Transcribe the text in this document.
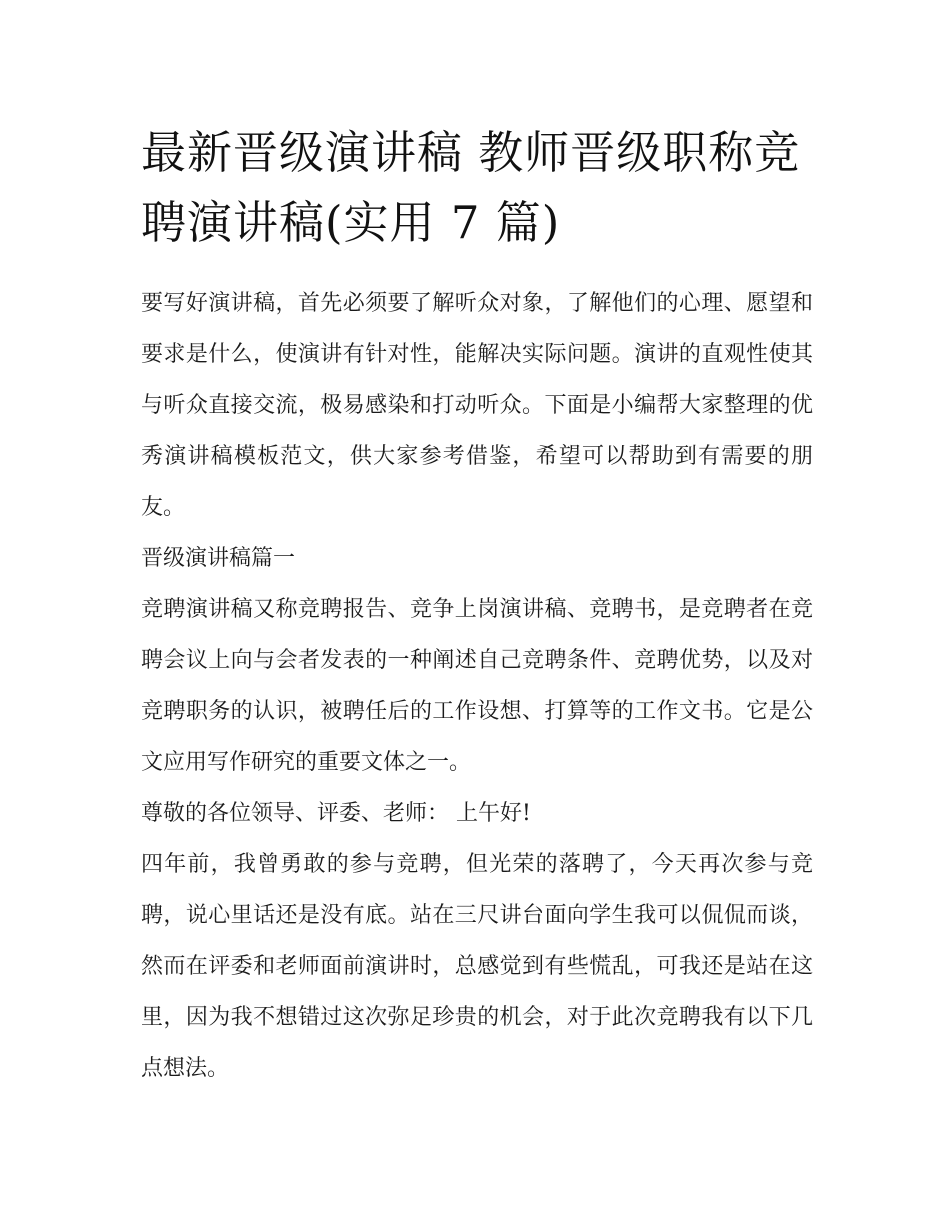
最新晋级演讲稿 教师晋级职称竞聘演讲稿(实用 7 篇)

要写好演讲稿，首先必须要了解听众对象，了解他们的心理、愿望和要求是什么，使演讲有针对性，能解决实际问题。演讲的直观性使其与听众直接交流，极易感染和打动听众。下面是小编帮大家整理的优秀演讲稿模板范文，供大家参考借鉴，希望可以帮助到有需要的朋友。

晋级演讲稿篇一

竞聘演讲稿又称竞聘报告、竞争上岗演讲稿、竞聘书，是竞聘者在竞聘会议上向与会者发表的一种阐述自己竞聘条件、竞聘优势，以及对竞聘职务的认识，被聘任后的工作设想、打算等的工作文书。它是公文应用写作研究的重要文体之一。

尊敬的各位领导、评委、老师： 上午好!

四年前，我曾勇敢的参与竞聘，但光荣的落聘了，今天再次参与竞聘，说心里话还是没有底。站在三尺讲台面向学生我可以侃侃而谈，然而在评委和老师面前演讲时，总感觉到有些慌乱，可我还是站在这里，因为我不想错过这次弥足珍贵的机会，对于此次竞聘我有以下几点想法。
